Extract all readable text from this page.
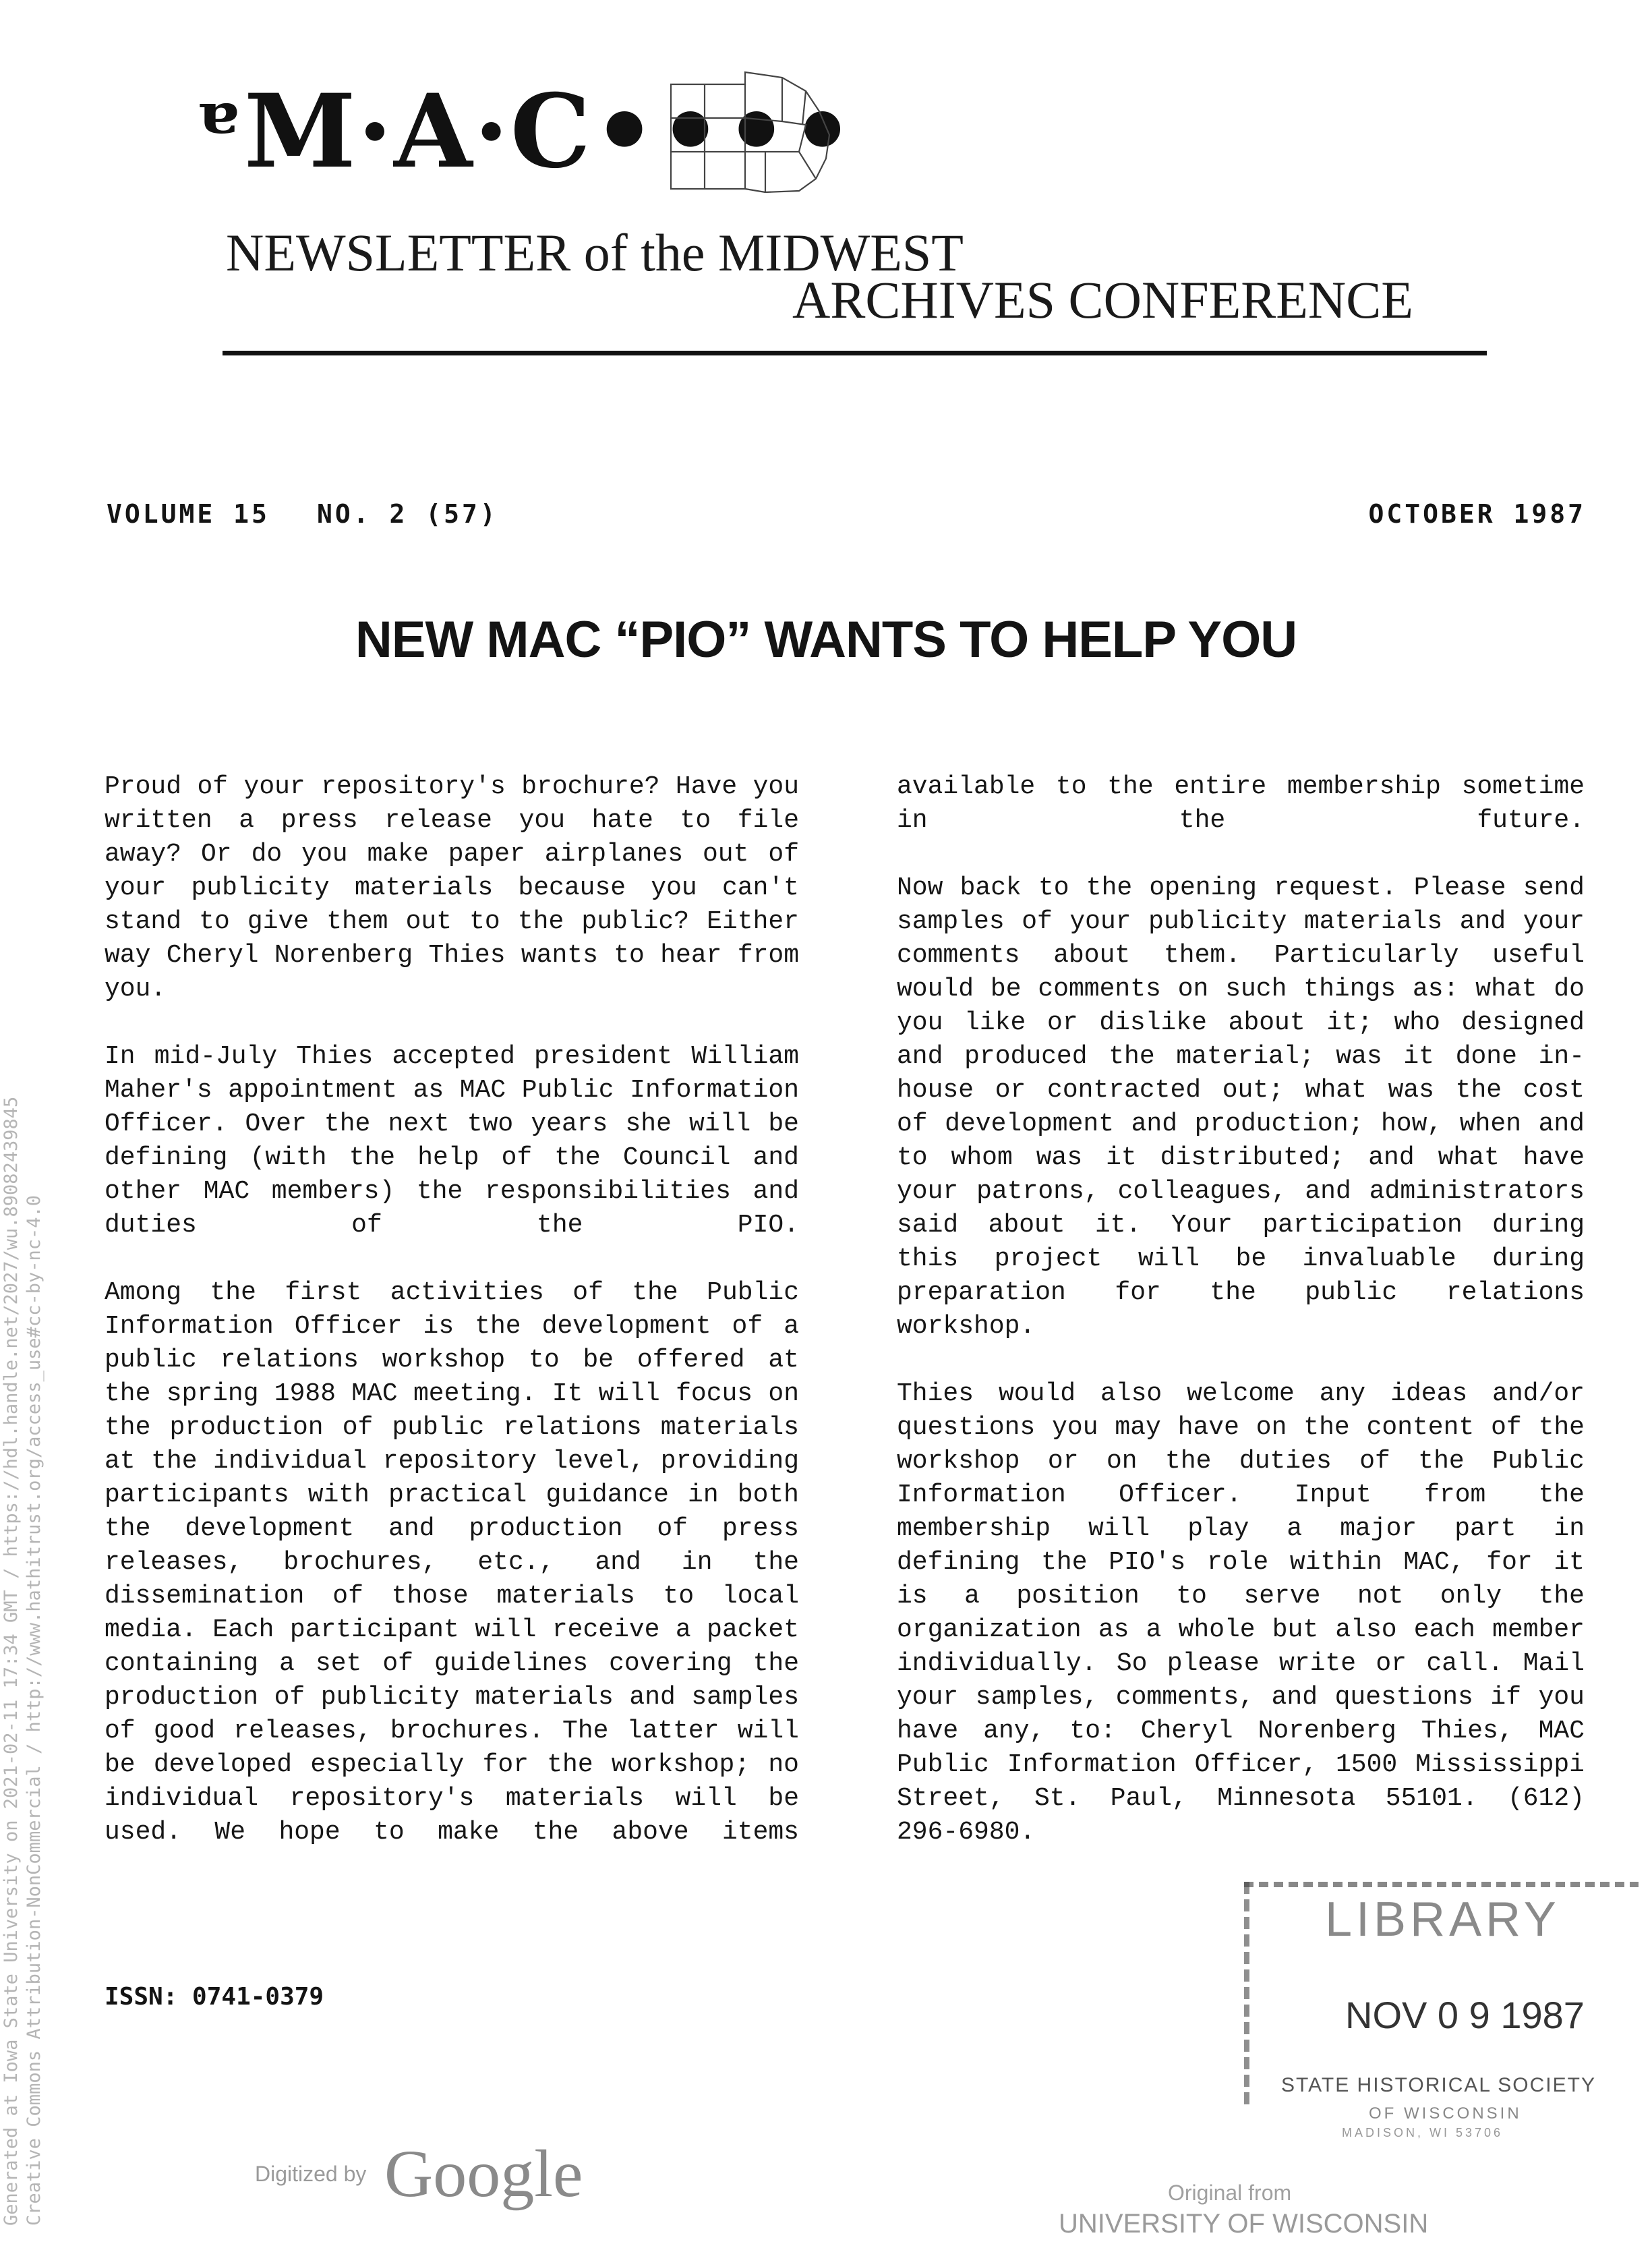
ᵄM·A·C••••
NEWSLETTER of the MIDWEST
ARCHIVES CONFERENCE
VOLUME 15 NO. 2 (57)	OCTOBER 1987
NEW MAC “PIO” WANTS TO HELP YOU

Proud of your repository's brochure? Have you written a press release you hate to file away? Or do you make paper airplanes out of your publicity materials because you can't stand to give them out to the public? Either way Cheryl Norenberg Thies wants to hear from you.

In mid-July Thies accepted president William Maher's appointment as MAC Public Information Officer. Over the next two years she will be defining (with the help of the Council and other MAC members) the responsibilities and duties of the PIO.

Among the first activities of the Public Information Officer is the development of a public relations workshop to be offered at the spring 1988 MAC meeting. It will focus on the production of public relations materials at the individual repository level, providing participants with practical guidance in both the development and production of press releases, brochures, etc., and in the dissemination of those materials to local media. Each participant will receive a packet containing a set of guidelines covering the production of publicity materials and samples of good releases, brochures. The latter will be developed especially for the workshop; no individual repository's materials will be used. We hope to make the above items

available to the entire membership sometime in the future.

Now back to the opening request. Please send samples of your publicity materials and your comments about them. Particularly useful would be comments on such things as: what do you like or dislike about it; who designed and produced the material; was it done in-house or contracted out; what was the cost of development and production; how, when and to whom was it distributed; and what have your patrons, colleagues, and administrators said about it. Your participation during this project will be invaluable during preparation for the public relations workshop.

Thies would also welcome any ideas and/or questions you may have on the content of the workshop or on the duties of the Public Information Officer. Input from the membership will play a major part in defining the PIO's role within MAC, for it is a position to serve not only the organization as a whole but also each member individually. So please write or call. Mail your samples, comments, and questions if you have any, to: Cheryl Norenberg Thies, MAC Public Information Officer, 1500 Mississippi Street, St. Paul, Minnesota 55101. (612) 296-6980.

ISSN: 0741-0379
LIBRARY
NOV 0 9 1987
STATE HISTORICAL SOCIETY
OF WISCONSIN
MADISON, WI 53706
Generated at Iowa State University on 2021-02-11 17:34 GMT / https://hdl.handle.net/2027/wu.89082439845 Creative Commons Attribution-NonCommercial / http://www.hathitrust.org/access_use#cc-by-nc-4.0	Digitized by Google	Original from
UNIVERSITY OF WISCONSIN
